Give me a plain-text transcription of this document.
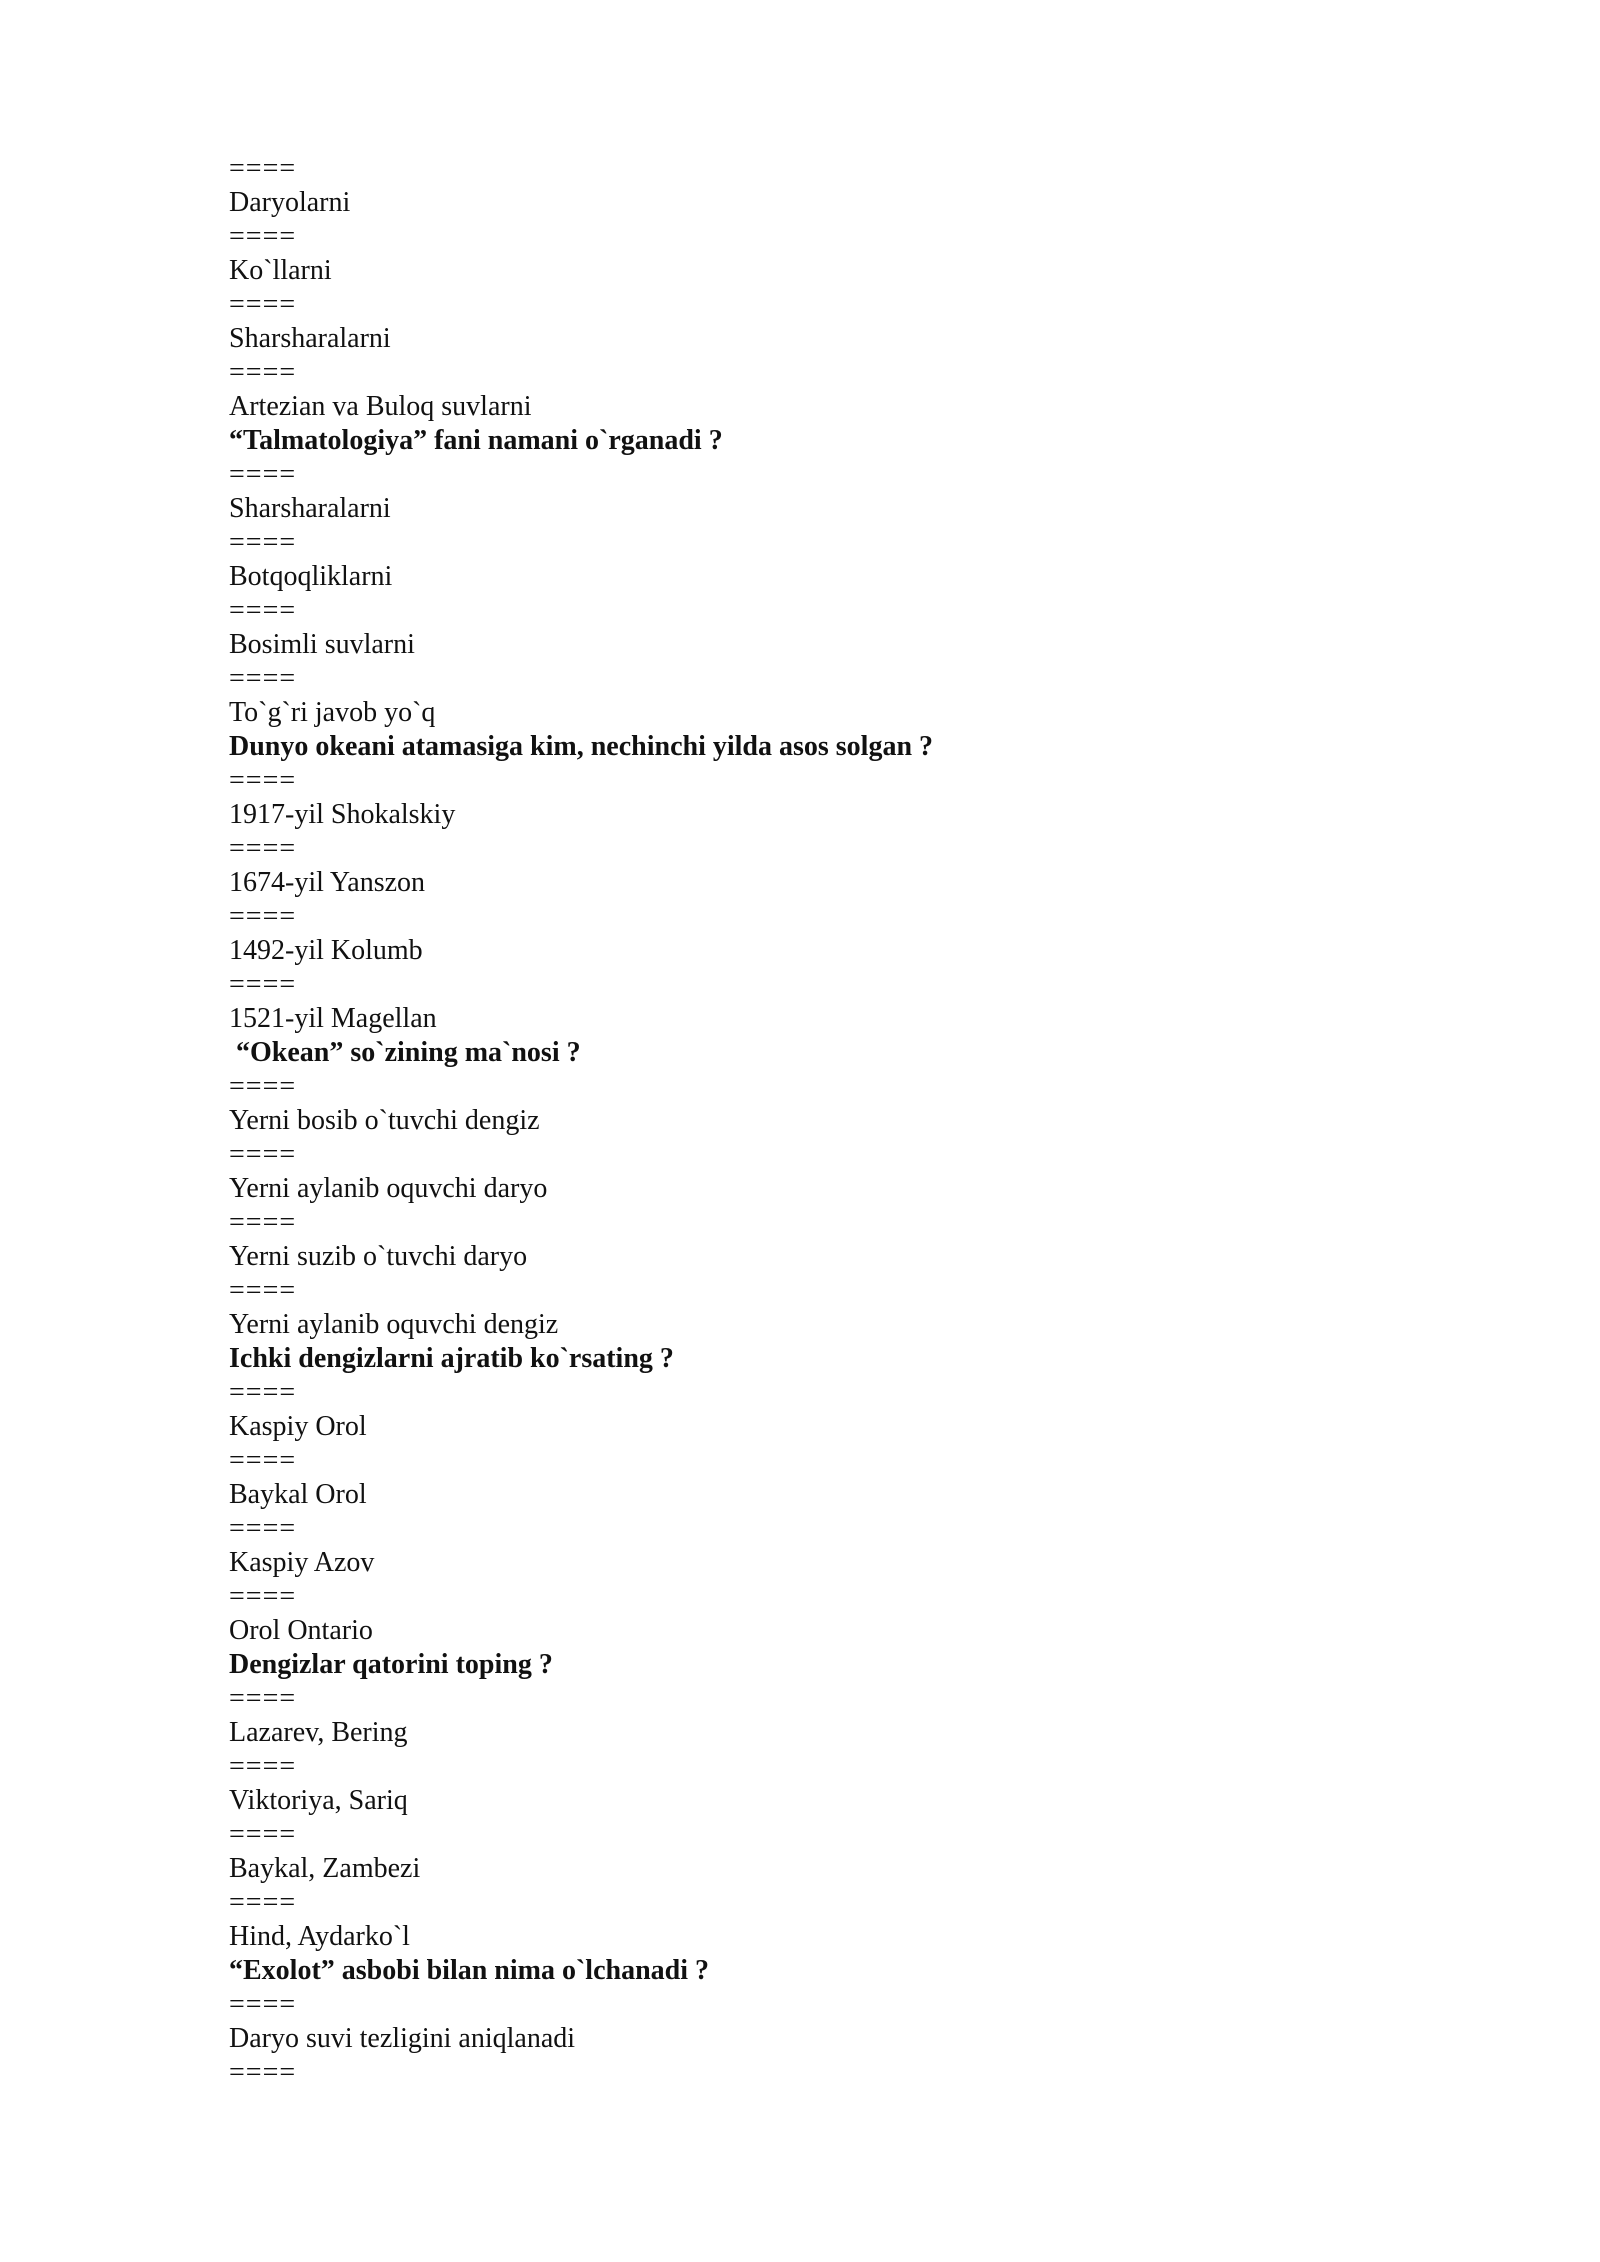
====
Daryolarni
====
Ko`llarni
====
Sharsharalarni
====
Artezian va Buloq suvlarni
“Talmatologiya” fani namani o`rganadi ?
====
Sharsharalarni
====
Botqoqliklarni
====
Bosimli suvlarni
====
To`g`ri javob yo`q
Dunyo okeani atamasiga kim, nechinchi yilda asos solgan ?
====
1917-yil Shokalskiy
====
1674-yil Yanszon
====
1492-yil Kolumb
====
1521-yil Magellan
“Okean” so`zining ma`nosi ?
====
Yerni bosib o`tuvchi dengiz
====
Yerni aylanib oquvchi daryo
====
Yerni suzib o`tuvchi daryo
====
Yerni aylanib oquvchi dengiz
Ichki dengizlarni ajratib ko`rsating ?
====
Kaspiy Orol
====
Baykal Orol
====
Kaspiy Azov
====
Orol Ontario
Dengizlar qatorini toping ?
====
Lazarev, Bering
====
Viktoriya, Sariq
====
Baykal, Zambezi
====
Hind, Aydarko`l
“Exolot” asbobi bilan nima o`lchanadi ?
====
Daryo suvi tezligini aniqlanadi
====
